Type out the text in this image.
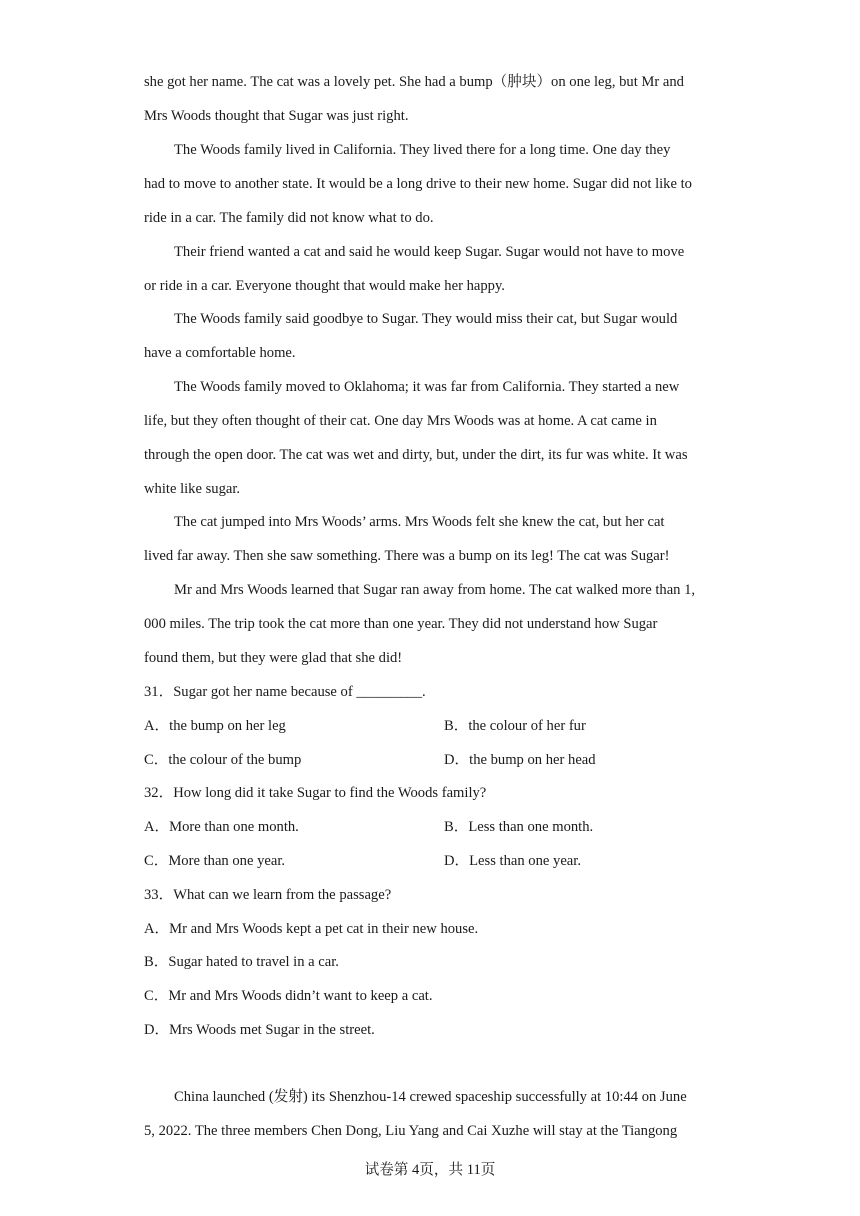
she got her name. The cat was a lovely pet. She had a bump（肿块）on one leg, but Mr and
Mrs Woods thought that Sugar was just right.
The Woods family lived in California. They lived there for a long time. One day they
had to move to another state. It would be a long drive to their new home. Sugar did not like to
ride in a car. The family did not know what to do.
Their friend wanted a cat and said he would keep Sugar. Sugar would not have to move
or ride in a car. Everyone thought that would make her happy.
The Woods family said goodbye to Sugar. They would miss their cat, but Sugar would
have a comfortable home.
The Woods family moved to Oklahoma; it was far from California. They started a new
life, but they often thought of their cat. One day Mrs Woods was at home. A cat came in
through the open door. The cat was wet and dirty, but, under the dirt, its fur was white. It was
white like sugar.
The cat jumped into Mrs Woods’ arms. Mrs Woods felt she knew the cat, but her cat
lived far away. Then she saw something. There was a bump on its leg! The cat was Sugar!
Mr and Mrs Woods learned that Sugar ran away from home. The cat walked more than 1,
000 miles. The trip took the cat more than one year. They did not understand how Sugar
found them, but they were glad that she did!
31．Sugar got her name because of _________.
A．the bump on her leg	B．the colour of her fur
C．the colour of the bump	D．the bump on her head
32．How long did it take Sugar to find the Woods family?
A．More than one month.	B．Less than one month.
C．More than one year.	D．Less than one year.
33．What can we learn from the passage?
A．Mr and Mrs Woods kept a pet cat in their new house.
B．Sugar hated to travel in a car.
C．Mr and Mrs Woods didn’t want to keep a cat.
D．Mrs Woods met Sugar in the street.
China launched (发射) its Shenzhou-14 crewed spaceship successfully at 10:44 on June
5, 2022. The three members Chen Dong, Liu Yang and Cai Xuzhe will stay at the Tiangong
试卷第 4页，共 11页
